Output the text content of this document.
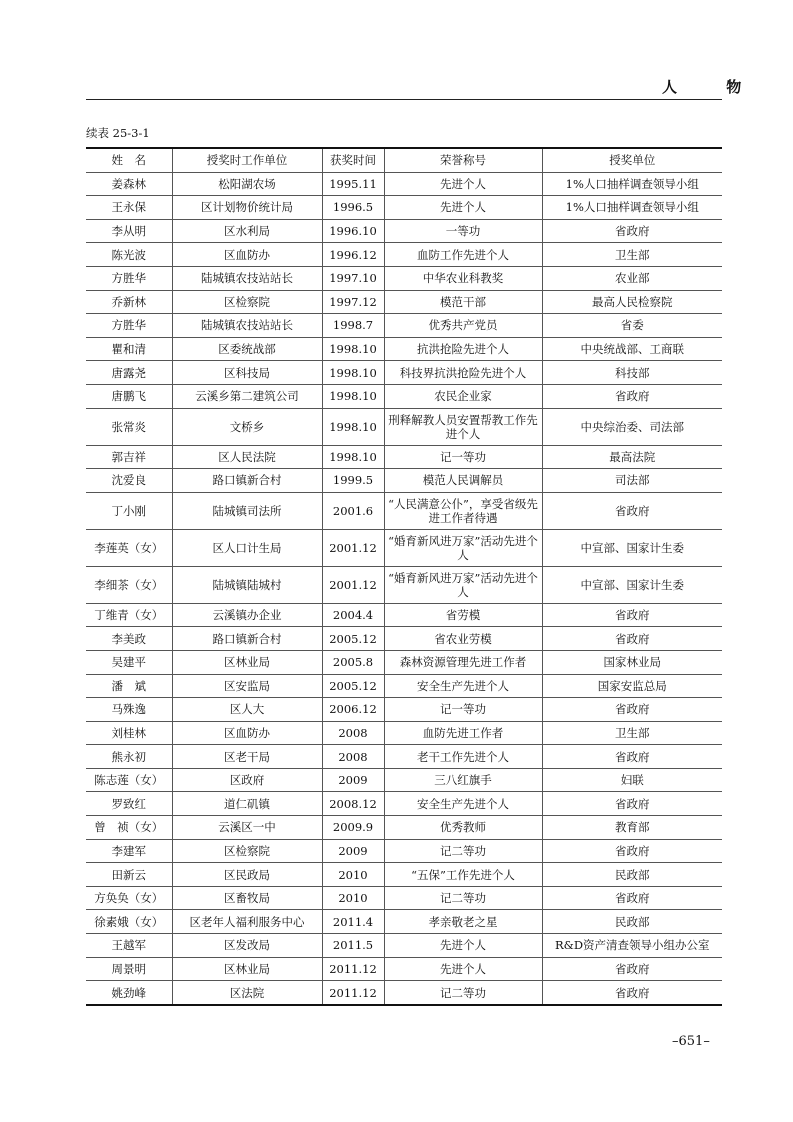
人 物
续表 25-3-1
姓　名	授奖时工作单位	获奖时间	荣誉称号	授奖单位
姜森林	松阳湖农场	1995.11	先进个人	1%人口抽样调查领导小组
王永保	区计划物价统计局	1996.5	先进个人	1%人口抽样调查领导小组
李从明	区水利局	1996.10	一等功	省政府
陈光波	区血防办	1996.12	血防工作先进个人	卫生部
方胜华	陆城镇农技站站长	1997.10	中华农业科教奖	农业部
乔新林	区检察院	1997.12	模范干部	最高人民检察院
方胜华	陆城镇农技站站长	1998.7	优秀共产党员	省委
瞿和清	区委统战部	1998.10	抗洪抢险先进个人	中央统战部、工商联
唐露尧	区科技局	1998.10	科技界抗洪抢险先进个人	科技部
唐鹏飞	云溪乡第二建筑公司	1998.10	农民企业家	省政府
张常炎	文桥乡	1998.10	刑释解教人员安置帮教工作先进个人	中央综治委、司法部
郭吉祥	区人民法院	1998.10	记一等功	最高法院
沈爱良	路口镇新合村	1999.5	模范人民调解员	司法部
丁小刚	陆城镇司法所	2001.6	“人民满意公仆”，享受省级先进工作者待遇	省政府
李莲英（女）	区人口计生局	2001.12	“婚育新风进万家”活动先进个人	中宣部、国家计生委
李细茶（女）	陆城镇陆城村	2001.12	“婚育新风进万家”活动先进个人	中宣部、国家计生委
丁维青（女）	云溪镇办企业	2004.4	省劳模	省政府
李美政	路口镇新合村	2005.12	省农业劳模	省政府
吴建平	区林业局	2005.8	森林资源管理先进工作者	国家林业局
潘　斌	区安监局	2005.12	安全生产先进个人	国家安监总局
马殊逸	区人大	2006.12	记一等功	省政府
刘桂林	区血防办	2008	血防先进工作者	卫生部
熊永初	区老干局	2008	老干工作先进个人	省政府
陈志莲（女）	区政府	2009	三八红旗手	妇联
罗致红	道仁矶镇	2008.12	安全生产先进个人	省政府
曾　祯（女）	云溪区一中	2009.9	优秀教师	教育部
李建军	区检察院	2009	记二等功	省政府
田新云	区民政局	2010	“五保”工作先进个人	民政部
方奂奂（女）	区畜牧局	2010	记二等功	省政府
徐素娥（女）	区老年人福利服务中心	2011.4	孝亲敬老之星	民政部
王越军	区发改局	2011.5	先进个人	R&D资产清查领导小组办公室
周景明	区林业局	2011.12	先进个人	省政府
姚劲峰	区法院	2011.12	记二等功	省政府
–651–
